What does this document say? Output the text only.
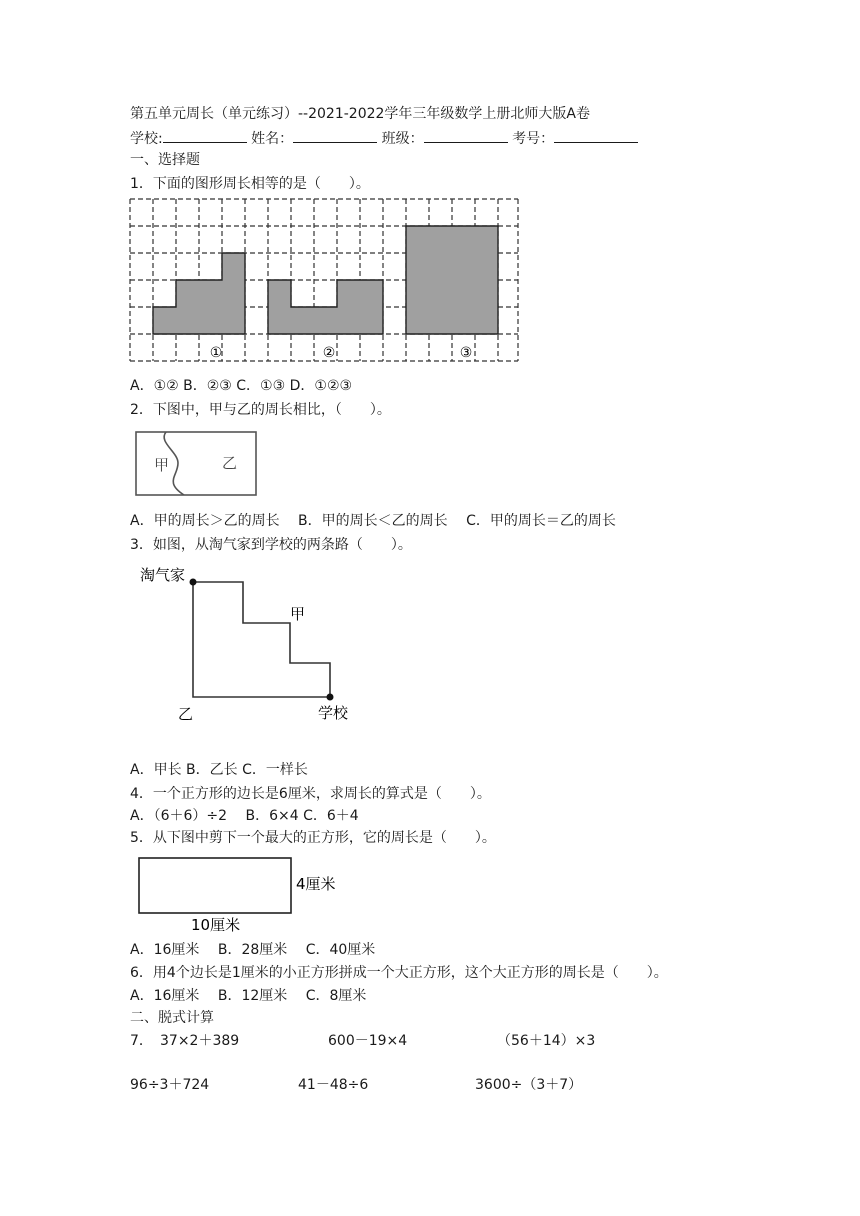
第五单元周长（单元练习）--2021-2022学年三年级数学上册北师大版A卷
学校:	姓名：	班级：	考号：
一、选择题
1．下面的图形周长相等的是（　　）。
①	②	③
A．①② B．②③ C．①③ D．①②③
2．下图中，甲与乙的周长相比，（　　）。
甲	乙
A．甲的周长＞乙的周长　 B．甲的周长＜乙的周长　 C．甲的周长＝乙的周长
3．如图，从淘气家到学校的两条路（　　）。
淘气家
甲
乙	学校
A．甲长 B．乙长 C．一样长
4．一个正方形的边长是6厘米，求周长的算式是（　　）。
A．（6＋6）÷2　 B．6×4 C．6＋4
5．从下图中剪下一个最大的正方形，它的周长是（　　）。
4厘米
10厘米
A．16厘米　 B．28厘米　 C．40厘米
6．用4个边长是1厘米的小正方形拼成一个大正方形，这个大正方形的周长是（　　）。
A．16厘米　 B．12厘米　 C．8厘米
二、脱式计算
7． 37×2＋389	600－19×4	（56＋14）×3
96÷3＋724	41－48÷6	3600÷（3＋7）
